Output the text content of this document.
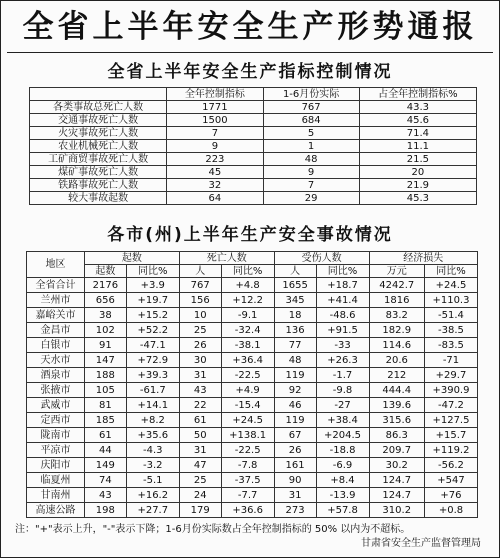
全省上半年安全生产形势通报
全省上半年安全生产指标控制情况
	全年控制指标	1-6月份实际	占全年控制指标%
各类事故总死亡人数	1771	767	43.3
交通事故死亡人数	1500	684	45.6
火灾事故死亡人数	7	5	71.4
农业机械死亡人数	9	1	11.1
工矿商贸事故死亡人数	223	48	21.5
煤矿事故死亡人数	45	9	20
铁路事故死亡人数	32	7	21.9
较大事故起数	64	29	45.3
各市(州)上半年生产安全事故情况
地区	起数		死亡人数		受伤人数		经济损失	
	起数	同比%	人	同比%	人	同比%	万元	同比%
全省合计	2176	+3.9	767	+4.8	1655	+18.7	4242.7	+24.5
兰州市	656	+19.7	156	+12.2	345	+41.4	1816	+110.3
嘉峪关市	38	+15.2	10	-9.1	18	-48.6	83.2	-51.4
金昌市	102	+52.2	25	-32.4	136	+91.5	182.9	-38.5
白银市	91	-47.1	26	-38.1	77	-33	114.6	-83.5
天水市	147	+72.9	30	+36.4	48	+26.3	20.6	-71
酒泉市	188	+39.3	31	-22.5	119	-1.7	212	+29.7
张掖市	105	-61.7	43	+4.9	92	-9.8	444.4	+390.9
武威市	81	+14.1	22	-15.4	46	-27	139.6	-47.2
定西市	185	+8.2	61	+24.5	119	+38.4	315.6	+127.5
陇南市	61	+35.6	50	+138.1	67	+204.5	86.3	+15.7
平凉市	44	-4.3	31	-22.5	26	-18.8	209.7	+119.2
庆阳市	149	-3.2	47	-7.8	161	-6.9	30.2	-56.2
临夏州	74	-5.1	25	-37.5	90	+8.4	124.7	+547
甘南州	43	+16.2	24	-7.7	31	-13.9	124.7	+76
高速公路	198	+27.7	179	+36.6	273	+57.8	310.2	+0.8
注："+"表示上升，"-"表示下降；1-6月份实际数占全年控制指标的 50% 以内为不超标。
甘肃省安全生产监督管理局
